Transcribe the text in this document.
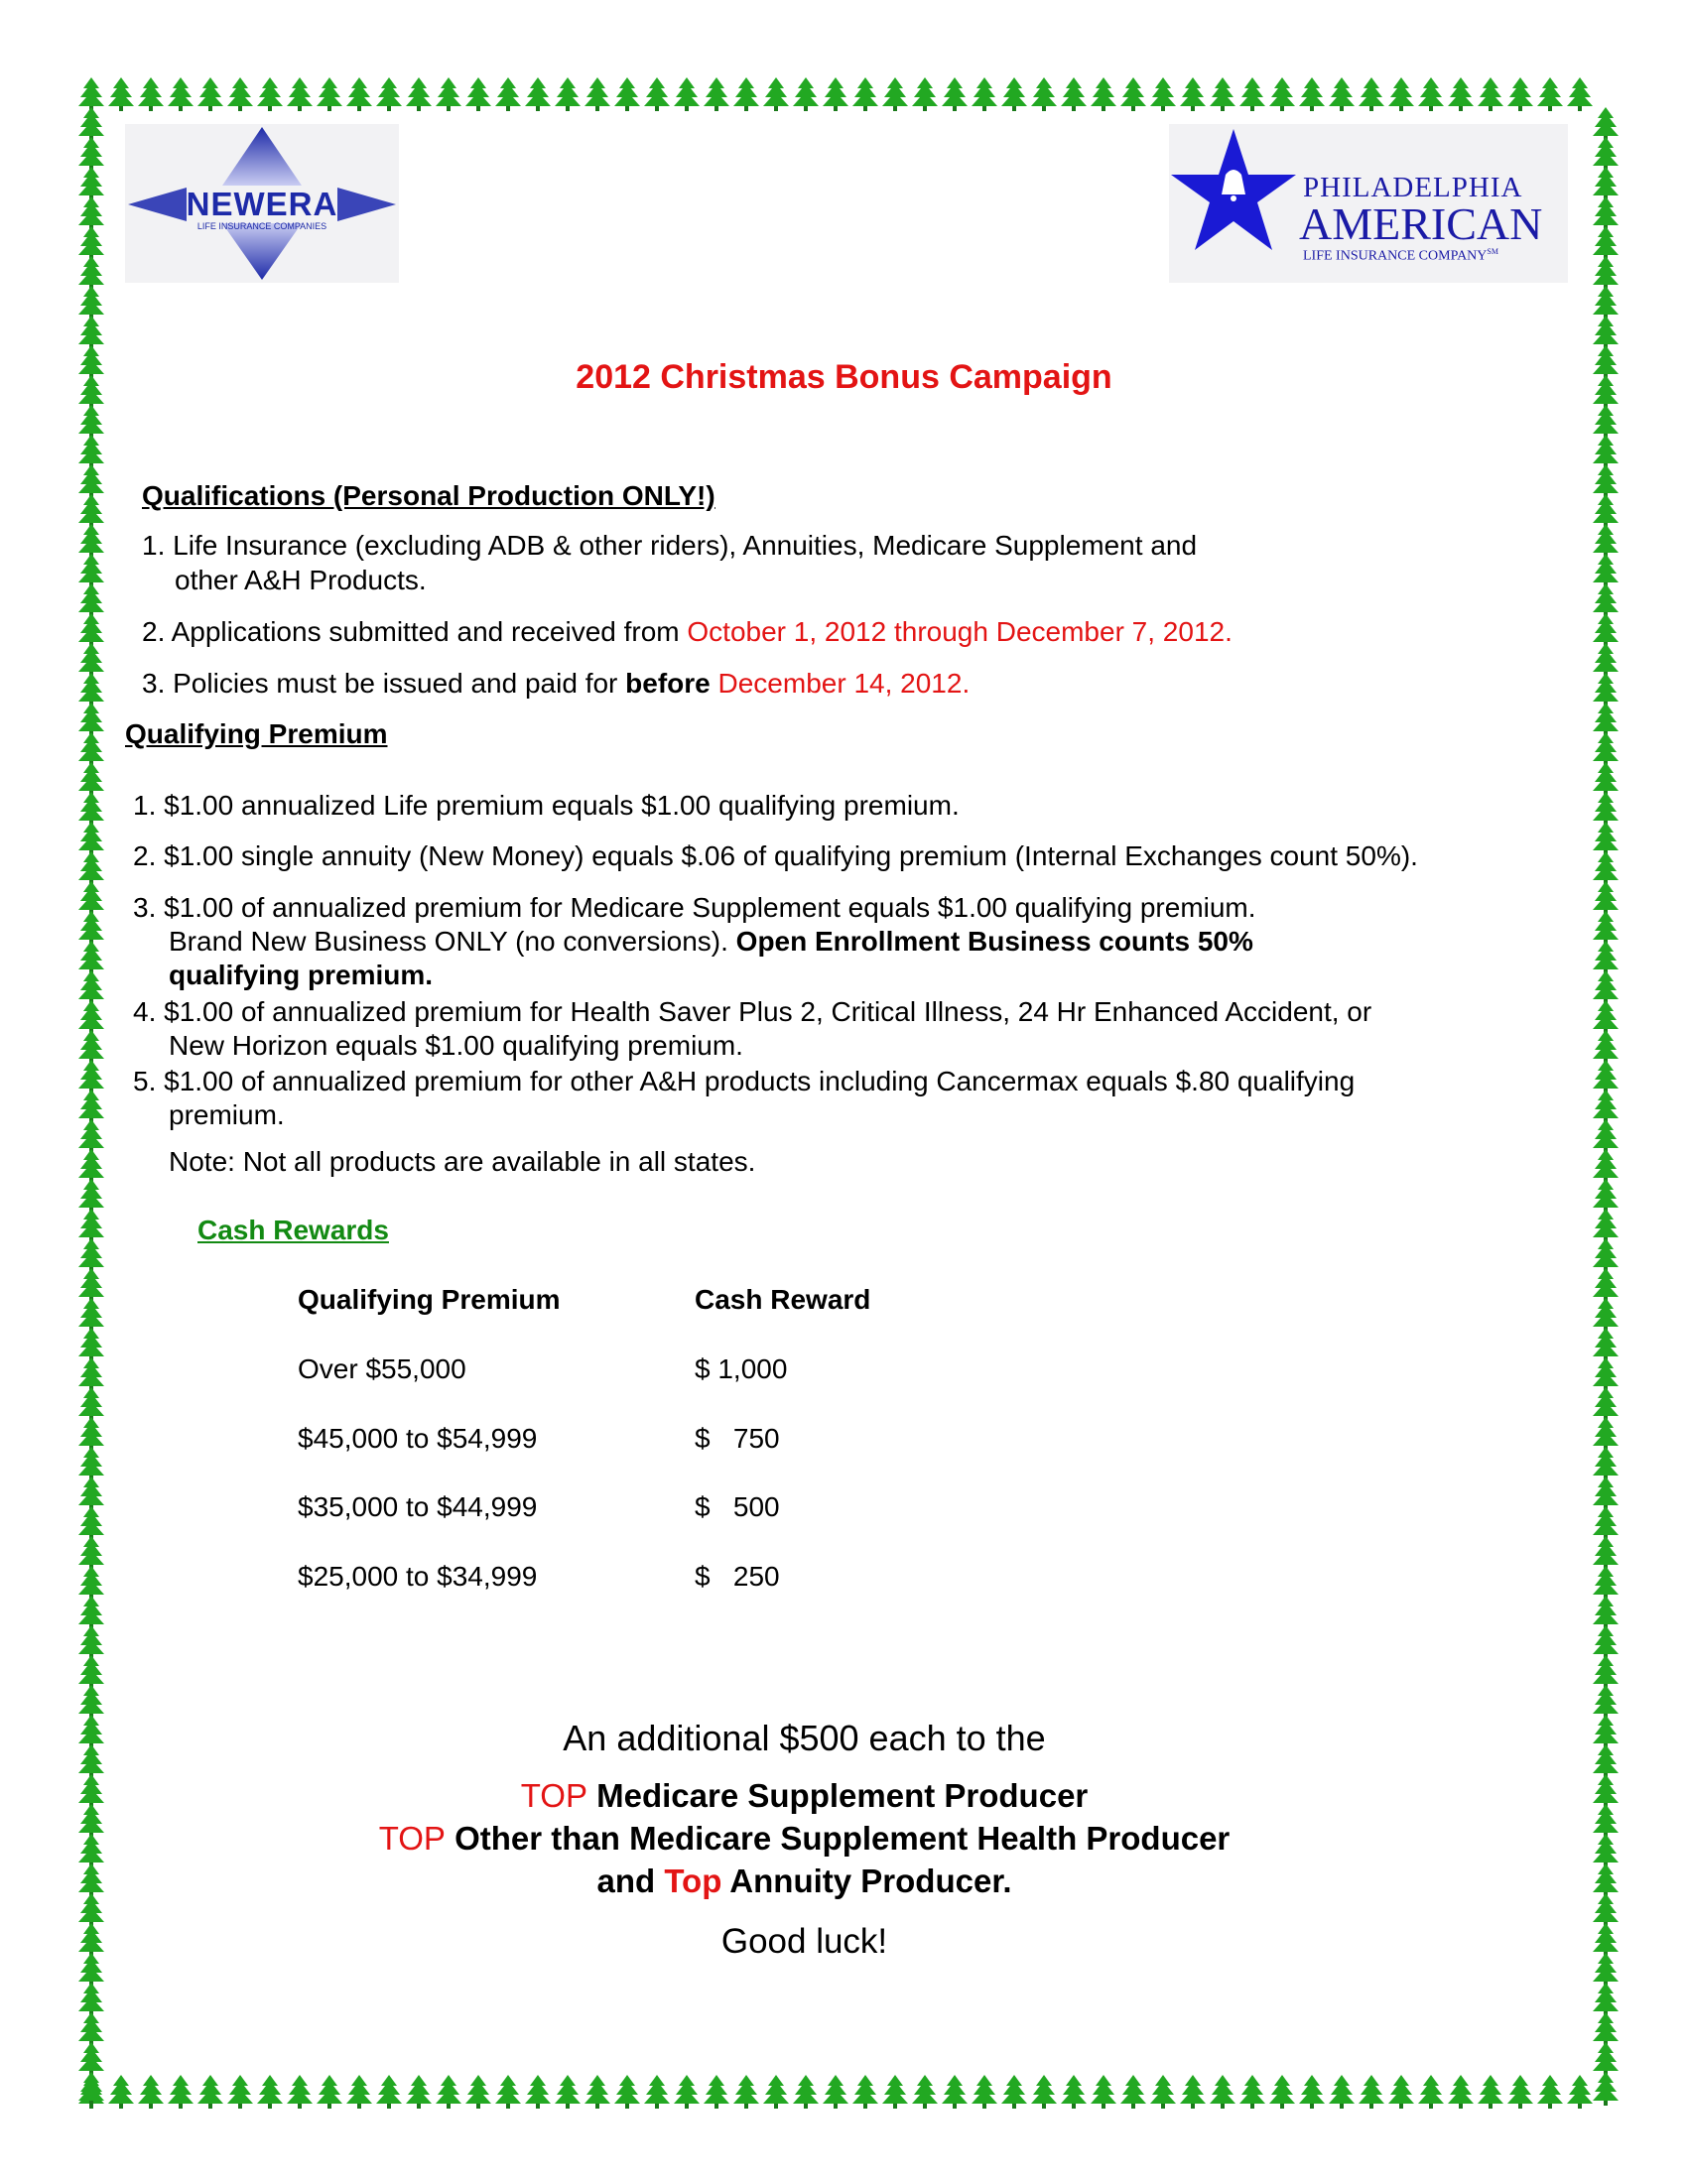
NEWERA
LIFE INSURANCE COMPANIES
PHILADELPHIA
AMERICAN
LIFE INSURANCE COMPANY℠
2012 Christmas Bonus Campaign
Qualifications (Personal Production ONLY!)
1. Life Insurance (excluding ADB & other riders), Annuities, Medicare Supplement and
other A&H Products.
2. Applications submitted and received from October 1, 2012 through December 7, 2012.
3. Policies must be issued and paid for before December 14, 2012.
Qualifying Premium
1. $1.00 annualized Life premium equals $1.00 qualifying premium.
2. $1.00 single annuity (New Money) equals $.06 of qualifying premium (Internal Exchanges count 50%).
3. $1.00 of annualized premium for Medicare Supplement equals $1.00 qualifying premium.
Brand New Business ONLY (no conversions). Open Enrollment Business counts 50%
qualifying premium.
4. $1.00 of annualized premium for Health Saver Plus 2, Critical Illness, 24 Hr Enhanced Accident, or
New Horizon equals $1.00 qualifying premium.
5. $1.00 of annualized premium for other A&H products including Cancermax equals $.80 qualifying
premium.
Note: Not all products are available in all states.
Cash Rewards
Qualifying Premium	Cash Reward
Over $55,000	$ 1,000
$45,000 to $54,999	$   750
$35,000 to $44,999	$   500
$25,000 to $34,999	$   250
An additional $500 each to the
TOP Medicare Supplement Producer
TOP Other than Medicare Supplement Health Producer
and Top Annuity Producer.
Good luck!
